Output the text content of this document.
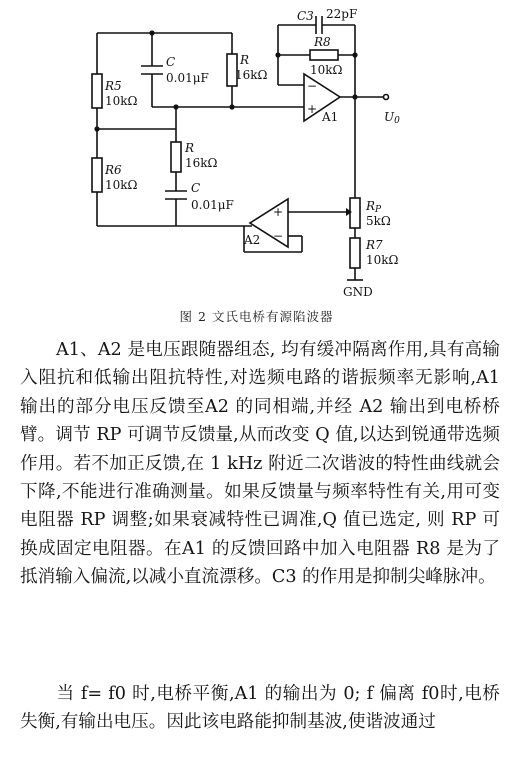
C3 22pF
R8
10kΩ
R5
10kΩ
C
0.01μF
R
16kΩ
R
16kΩ
R6
10kΩ	C
0.01μF
−
+
A1
+
−
A2
U0
RP
5kΩ
R7
10kΩ
GND
图 2 文氏电桥有源陷波器
A1、A2 是电压跟随器组态, 均有缓冲隔离作用,具有高输入阻抗和低输出阻抗特性,对选频电路的谐振频率无影响,A1 输出的部分电压反馈至A2 的同相端,并经 A2 输出到电桥桥臂。调节 RP 可调节反馈量,从而改变 Q 值,以达到锐通带选频作用。若不加正反馈,在 1 kHz 附近二次谐波的特性曲线就会下降,不能进行准确测量。如果反馈量与频率特性有关,用可变电阻器 RP 调整;如果衰减特性已调准,Q 值已选定, 则 RP 可换成固定电阻器。在A1 的反馈回路中加入电阻器 R8 是为了抵消输入偏流,以减小直流漂移。C3 的作用是抑制尖峰脉冲。
当 f= f0 时,电桥平衡,A1 的输出为 0; f 偏离 f0时,电桥失衡,有输出电压。因此该电路能抑制基波,使谐波通过
